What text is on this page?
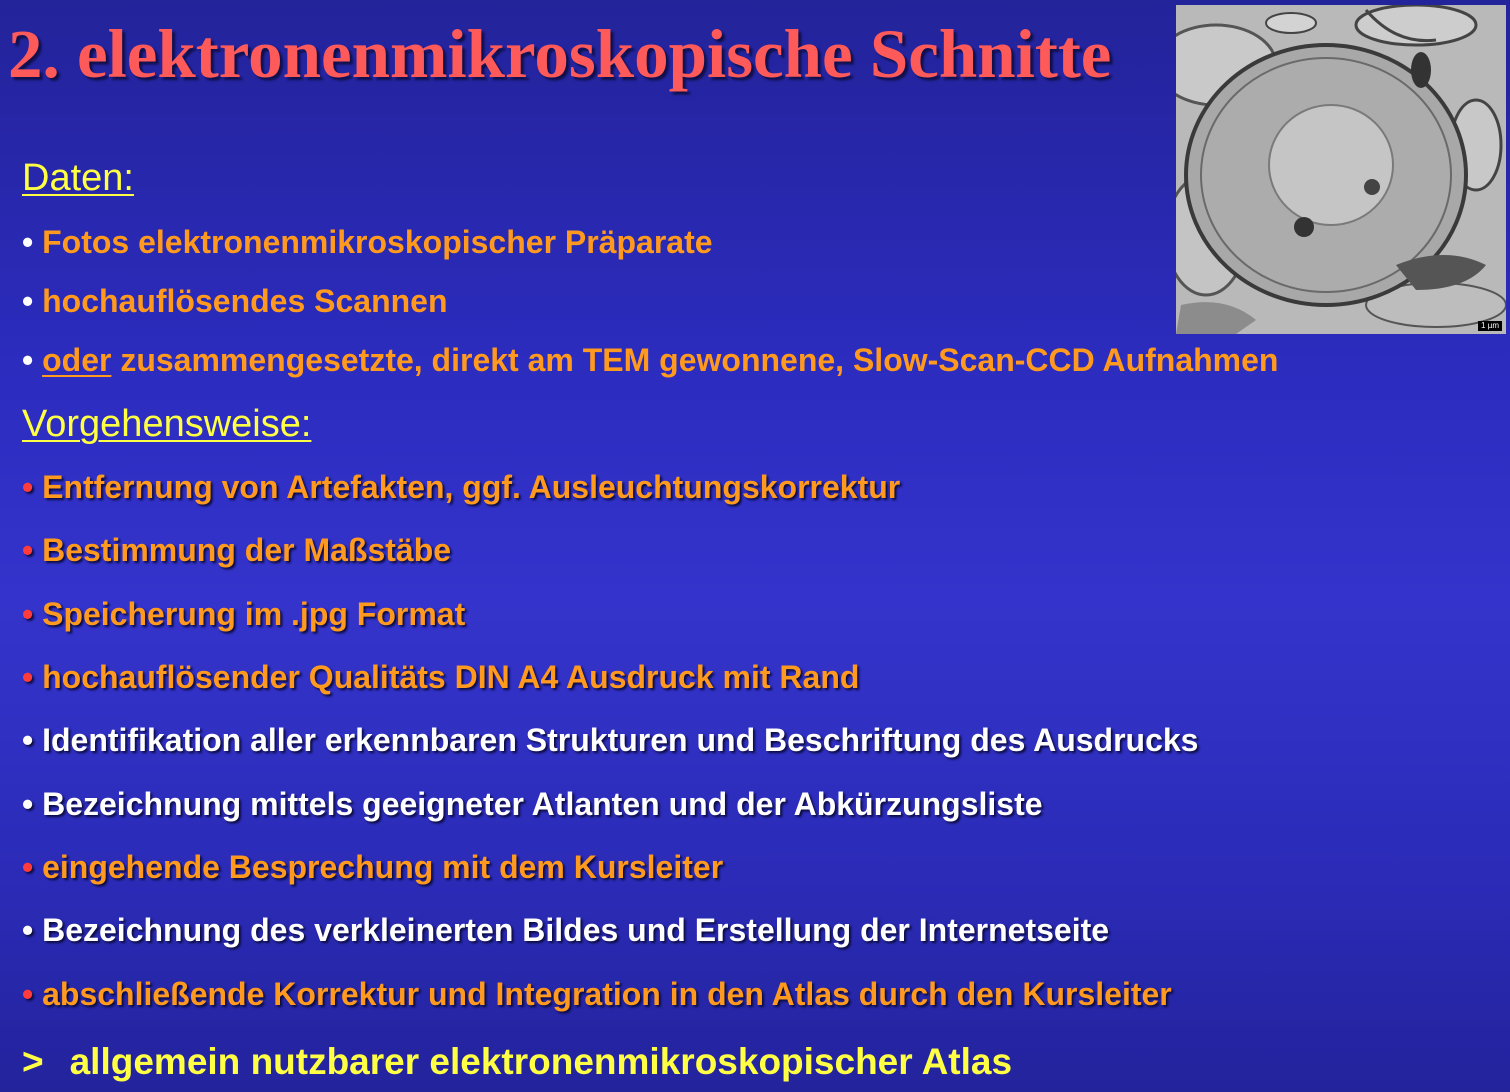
2. elektronenmikroskopische Schnitte
1 µm
Daten:
• Fotos elektronenmikroskopischer Präparate
• hochauflösendes Scannen
• oder zusammengesetzte, direkt am TEM gewonnene, Slow-Scan-CCD Aufnahmen
Vorgehensweise:
• Entfernung von Artefakten, ggf. Ausleuchtungskorrektur
• Bestimmung der Maßstäbe
• Speicherung im .jpg Format
• hochauflösender Qualitäts DIN A4 Ausdruck mit Rand
• Identifikation aller erkennbaren Strukturen und Beschriftung des Ausdrucks
• Bezeichnung mittels geeigneter Atlanten und der Abkürzungsliste
• eingehende Besprechung mit dem Kursleiter
• Bezeichnung des verkleinerten Bildes und Erstellung der Internetseite
• abschließende Korrektur und Integration in den Atlas durch den Kursleiter
> allgemein nutzbarer elektronenmikroskopischer Atlas
